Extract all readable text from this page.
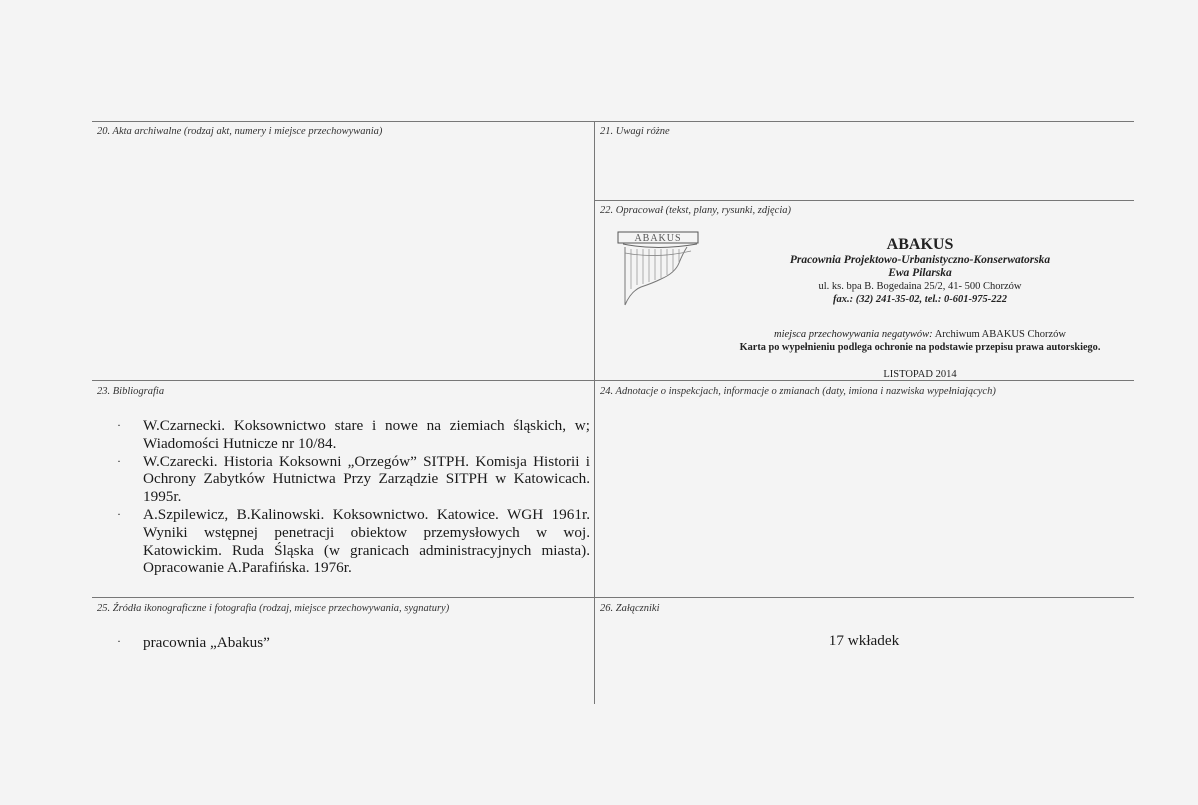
20. Akta archiwalne (rodzaj akt, numery i miejsce przechowywania)	21. Uwagi różne
22. Opracował (tekst, plany, rysunki, zdjęcia)
23. Bibliografia	24. Adnotacje o inspekcjach, informacje o zmianach (daty, imiona i nazwiska wypełniających)
25. Źródła ikonograficzne i fotografia (rodzaj, miejsce przechowywania, sygnatury)	26. Załączniki
ABAKUS	ABAKUS
Pracownia Projektowo-Urbanistyczno-Konserwatorska
Ewa Pilarska
ul. ks. bpa B. Bogedaina 25/2, 41- 500 Chorzów
fax.: (32) 241-35-02, tel.: 0-601-975-222
miejsca przechowywania negatywów: Archiwum ABAKUS Chorzów
Karta po wypełnieniu podlega ochronie na podstawie przepisu prawa autorskiego.
LISTOPAD 2014
· W.Czarnecki. Koksownictwo stare i nowe na ziemiach śląskich, w; Wiadomości Hutnicze nr 10/84.
· W.Czarecki. Historia Koksowni „Orzegów” SITPH. Komisja Historii i Ochrony Zabytków Hutnictwa Przy Zarządzie SITPH w Katowicach. 1995r.
· A.Szpilewicz, B.Kalinowski. Koksownictwo. Katowice. WGH 1961r. Wyniki wstępnej penetracji obiektow przemysłowych w woj. Katowickim. Ruda Śląska (w granicach administracyjnych miasta). Opracowanie A.Parafińska. 1976r.
· pracownia „Abakus”	17 wkładek
